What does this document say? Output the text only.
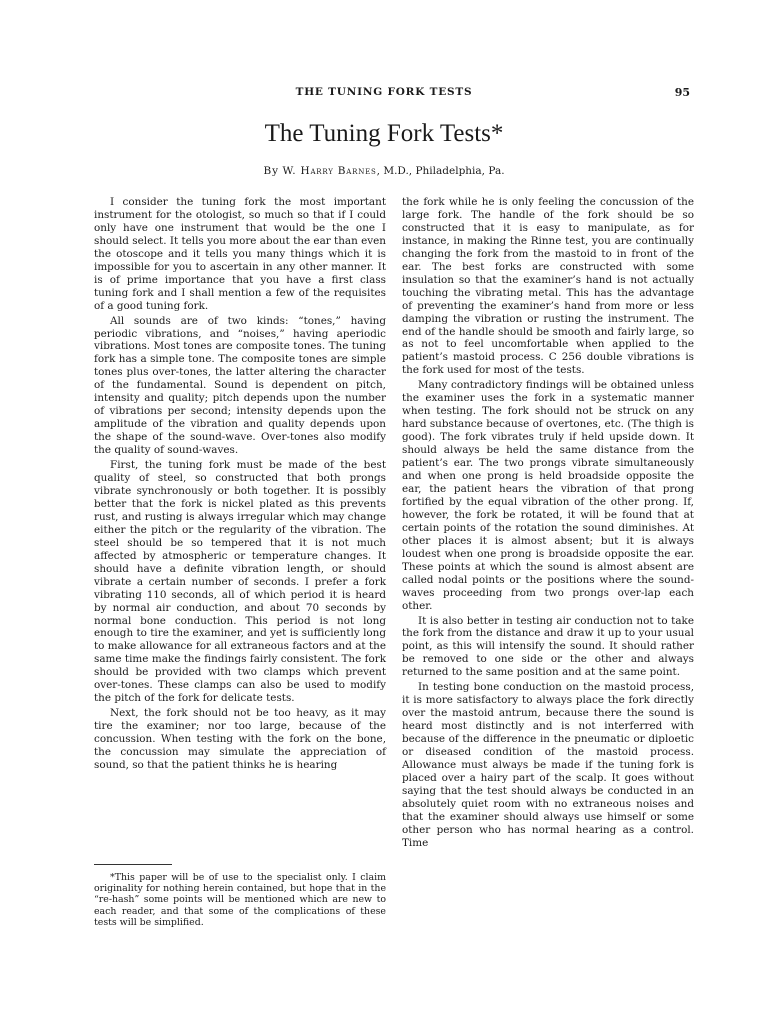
THE TUNING FORK TESTS	95
The Tuning Fork Tests*
By W. Harry Barnes, M.D., Philadelphia, Pa.

I consider the tuning fork the most important instrument for the otologist, so much so that if I could only have one instrument that would be the one I should select. It tells you more about the ear than even the otoscope and it tells you many things which it is impossible for you to ascertain in any other manner. It is of prime importance that you have a first class tuning fork and I shall mention a few of the requisites of a good tuning fork.

All sounds are of two kinds: “tones,” having periodic vibrations, and “noises,” having aperiodic vibrations. Most tones are composite tones. The tuning fork has a simple tone. The composite tones are simple tones plus over-tones, the latter altering the character of the fundamental. Sound is dependent on pitch, intensity and quality; pitch depends upon the number of vibrations per second; intensity depends upon the amplitude of the vibration and quality depends upon the shape of the sound-wave. Over-tones also modify the quality of sound-waves.

First, the tuning fork must be made of the best quality of steel, so constructed that both prongs vibrate synchronously or both together. It is possibly better that the fork is nickel plated as this prevents rust, and rusting is always irregular which may change either the pitch or the regularity of the vibration. The steel should be so tempered that it is not much affected by atmospheric or temperature changes. It should have a definite vibration length, or should vibrate a certain number of seconds. I prefer a fork vibrating 110 seconds, all of which period it is heard by normal air conduction, and about 70 seconds by normal bone conduction. This period is not long enough to tire the examiner, and yet is sufficiently long to make allowance for all extraneous factors and at the same time make the findings fairly consistent. The fork should be provided with two clamps which prevent over-tones. These clamps can also be used to modify the pitch of the fork for delicate tests.

Next, the fork should not be too heavy, as it may tire the examiner; nor too large, because of the concussion. When testing with the fork on the bone, the concussion may simulate the appreciation of sound, so that the patient thinks he is hearing

the fork while he is only feeling the concussion of the large fork. The handle of the fork should be so constructed that it is easy to manipulate, as for instance, in making the Rinne test, you are continually changing the fork from the mastoid to in front of the ear. The best forks are constructed with some insulation so that the examiner’s hand is not actually touching the vibrating metal. This has the advantage of preventing the examiner’s hand from more or less damping the vibration or rusting the instrument. The end of the handle should be smooth and fairly large, so as not to feel uncomfortable when applied to the patient’s mastoid process. C 256 double vibrations is the fork used for most of the tests.

Many contradictory findings will be obtained unless the examiner uses the fork in a systematic manner when testing. The fork should not be struck on any hard substance because of overtones, etc. (The thigh is good). The fork vibrates truly if held upside down. It should always be held the same distance from the patient’s ear. The two prongs vibrate simultaneously and when one prong is held broadside opposite the ear, the patient hears the vibration of that prong fortified by the equal vibration of the other prong. If, however, the fork be rotated, it will be found that at certain points of the rotation the sound diminishes. At other places it is almost absent; but it is always loudest when one prong is broadside opposite the ear. These points at which the sound is almost absent are called nodal points or the positions where the sound-waves proceeding from two prongs over-lap each other.

It is also better in testing air conduction not to take the fork from the distance and draw it up to your usual point, as this will intensify the sound. It should rather be removed to one side or the other and always returned to the same position and at the same point.

In testing bone conduction on the mastoid process, it is more satisfactory to always place the fork directly over the mastoid antrum, because there the sound is heard most distinctly and is not interferred with because of the difference in the pneumatic or diploetic or diseased condition of the mastoid process. Allowance must always be made if the tuning fork is placed over a hairy part of the scalp. It goes without saying that the test should always be conducted in an absolutely quiet room with no extraneous noises and that the examiner should always use himself or some other person who has normal hearing as a control. Time

*This paper will be of use to the specialist only. I claim originality for nothing herein contained, but hope that in the “re-hash” some points will be mentioned which are new to each reader, and that some of the complications of these tests will be simplified.
